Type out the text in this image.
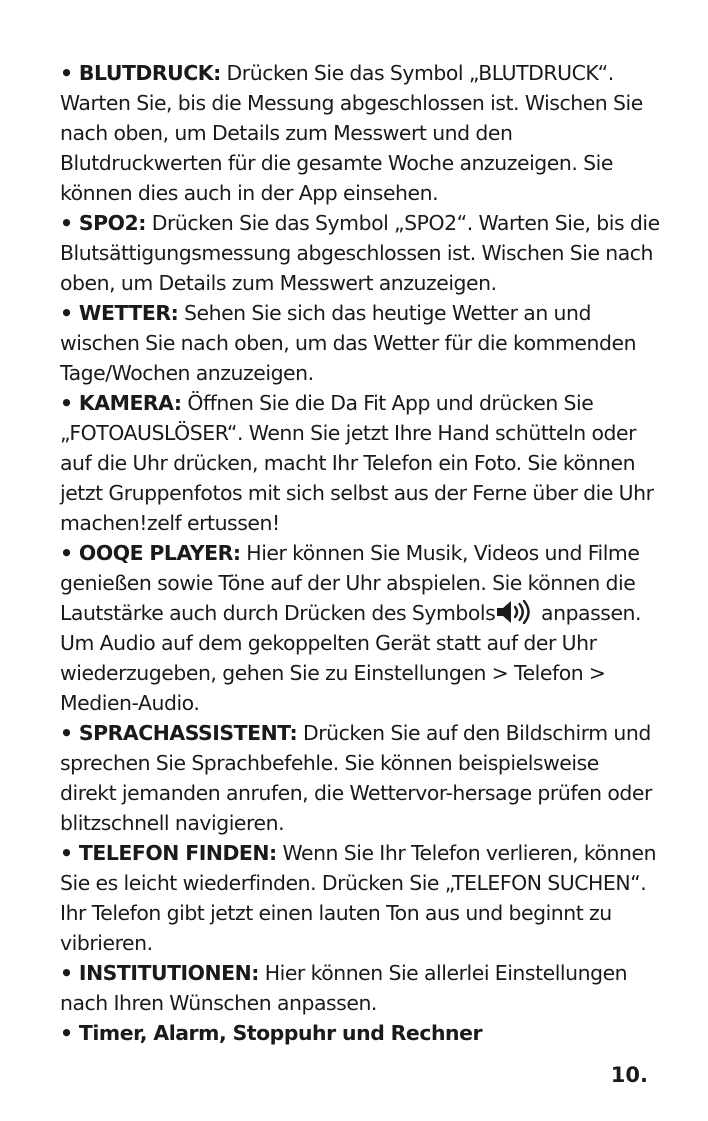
• BLUTDRUCK: Drücken Sie das Symbol „BLUTDRUCK“. Warten Sie, bis die Messung abgeschlossen ist. Wischen Sie nach oben, um Details zum Messwert und den Blutdruckwerten für die gesamte Woche anzuzeigen. Sie können dies auch in der App einsehen.

• SPO2: Drücken Sie das Symbol „SPO2“. Warten Sie, bis die Blutsättigungsmessung abgeschlossen ist. Wischen Sie nach oben, um Details zum Messwert anzuzeigen.

• WETTER: Sehen Sie sich das heutige Wetter an und wischen Sie nach oben, um das Wetter für die kommenden Tage/Wochen anzuzeigen.

• KAMERA: Öffnen Sie die Da Fit App und drücken Sie „FOTOAUSLÖSER“. Wenn Sie jetzt Ihre Hand schütteln oder auf die Uhr drücken, macht Ihr Telefon ein Foto. Sie können jetzt Gruppenfotos mit sich selbst aus der Ferne über die Uhr machen!zelf ertussen!

• OOQE PLAYER: Hier können Sie Musik, Videos und Filme genießen sowie Töne auf der Uhr abspielen. Sie können die Lautstärke auch durch Drücken des Symbols
anpassen. Um Audio auf dem gekoppelten Gerät statt auf der Uhr wiederzugeben, gehen Sie zu Einstellungen > Telefon > Medien-Audio.

• SPRACHASSISTENT: Drücken Sie auf den Bildschirm und sprechen Sie Sprachbefehle. Sie können beispielsweise direkt jemanden anrufen, die Wettervor-hersage prüfen oder blitzschnell navigieren.

• TELEFON FINDEN: Wenn Sie Ihr Telefon verlieren, können Sie es leicht wiederfinden. Drücken Sie „TELEFON SUCHEN“. Ihr Telefon gibt jetzt einen lauten Ton aus und beginnt zu vibrieren.

• INSTITUTIONEN: Hier können Sie allerlei Einstellungen nach Ihren Wünschen anpassen.

• Timer, Alarm, Stoppuhr und Rechner

10.
